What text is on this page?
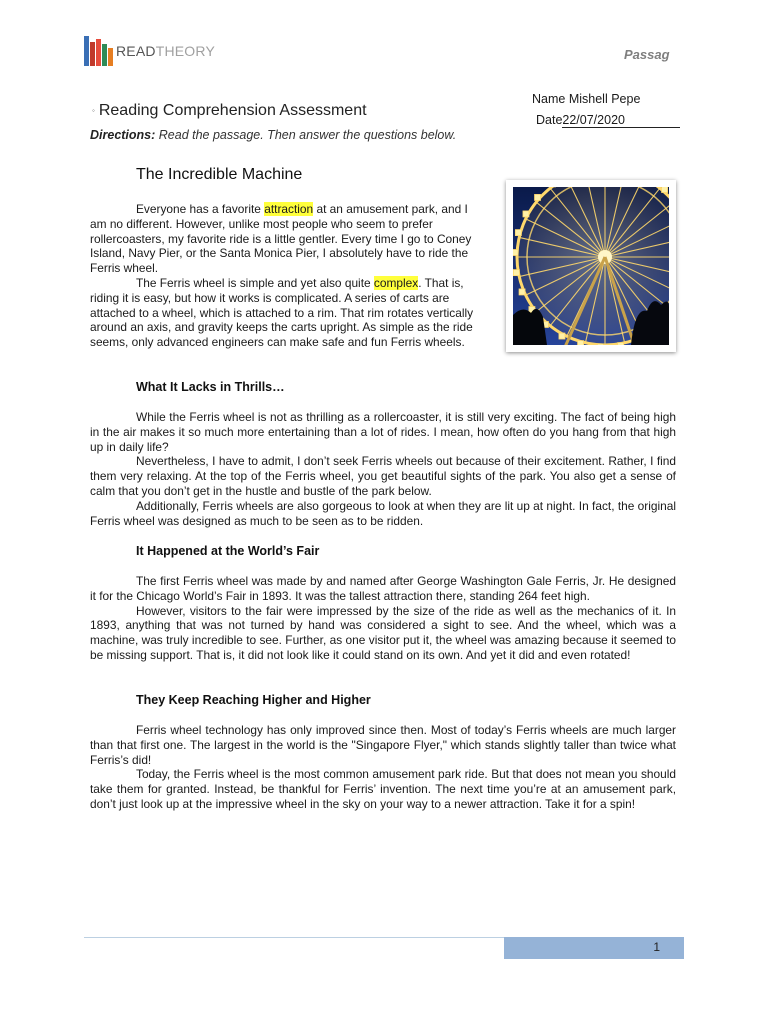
READTHEORY	Passag
◦ Reading Comprehension Assessment
Directions: Read the passage. Then answer the questions below.
Name Mishell Pepe
Date22/07/2020
The Incredible Machine

Everyone has a favorite attraction at an amusement park, and I am no different. However, unlike most people who seem to prefer rollercoasters, my favorite ride is a little gentler. Every time I go to Coney Island, Navy Pier, or the Santa Monica Pier, I absolutely have to ride the Ferris wheel.

The Ferris wheel is simple and yet also quite complex. That is, riding it is easy, but how it works is complicated. A series of carts are attached to a wheel, which is attached to a rim. That rim rotates vertically around an axis, and gravity keeps the carts upright. As simple as the ride seems, only advanced engineers can make safe and fun Ferris wheels.

What It Lacks in Thrills…

While the Ferris wheel is not as thrilling as a rollercoaster, it is still very exciting. The fact of being high in the air makes it so much more entertaining than a lot of rides. I mean, how often do you hang from that high up in daily life?

Nevertheless, I have to admit, I don’t seek Ferris wheels out because of their excitement. Rather, I find them very relaxing. At the top of the Ferris wheel, you get beautiful sights of the park. You also get a sense of calm that you don’t get in the hustle and bustle of the park below.

Additionally, Ferris wheels are also gorgeous to look at when they are lit up at night. In fact, the original Ferris wheel was designed as much to be seen as to be ridden.

It Happened at the World’s Fair

The first Ferris wheel was made by and named after George Washington Gale Ferris, Jr. He designed it for the Chicago World’s Fair in 1893. It was the tallest attraction there, standing 264 feet high.

However, visitors to the fair were impressed by the size of the ride as well as the mechanics of it. In 1893, anything that was not turned by hand was considered a sight to see. And the wheel, which was a machine, was truly incredible to see. Further, as one visitor put it, the wheel was amazing because it seemed to be missing support. That is, it did not look like it could stand on its own. And yet it did and even rotated!

They Keep Reaching Higher and Higher

Ferris wheel technology has only improved since then. Most of today’s Ferris wheels are much larger than that first one. The largest in the world is the "Singapore Flyer," which stands slightly taller than twice what Ferris’s did!

Today, the Ferris wheel is the most common amusement park ride. But that does not mean you should take them for granted. Instead, be thankful for Ferris’ invention. The next time you’re at an amusement park, don’t just look up at the impressive wheel in the sky on your way to a newer attraction. Take it for a spin!

1
